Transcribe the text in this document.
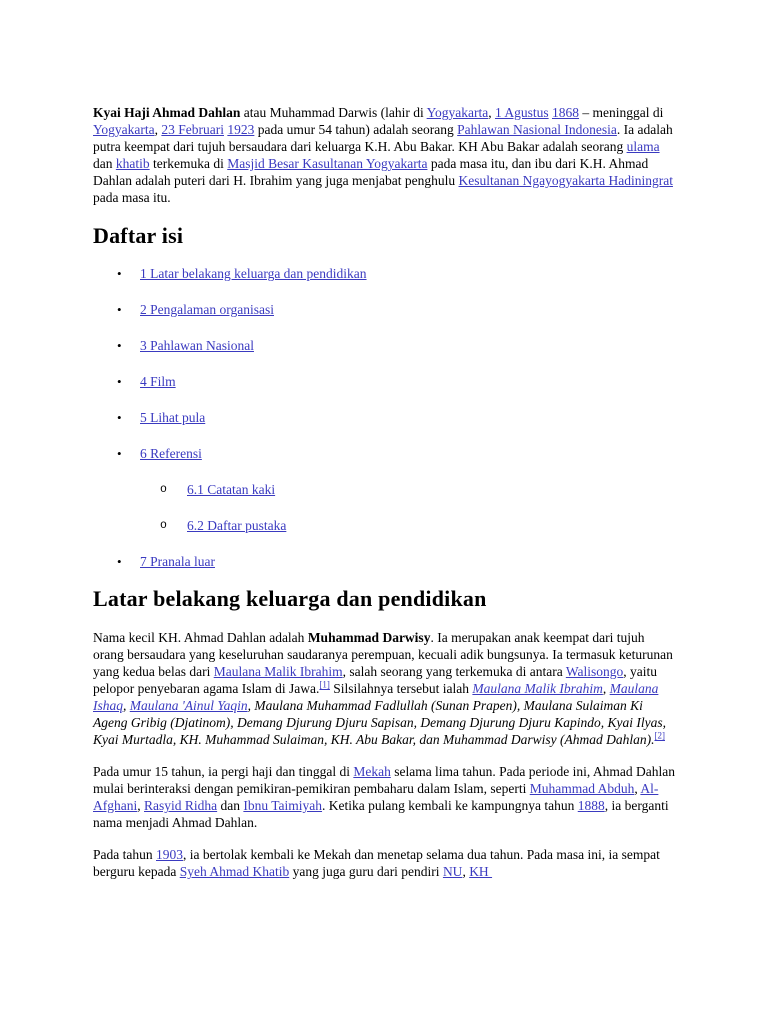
Kyai Haji Ahmad Dahlan atau Muhammad Darwis (lahir di Yogyakarta, 1 Agustus 1868 – meninggal di Yogyakarta, 23 Februari 1923 pada umur 54 tahun) adalah seorang Pahlawan Nasional Indonesia. Ia adalah putra keempat dari tujuh bersaudara dari keluarga K.H. Abu Bakar. KH Abu Bakar adalah seorang ulama dan khatib terkemuka di Masjid Besar Kasultanan Yogyakarta pada masa itu, dan ibu dari K.H. Ahmad Dahlan adalah puteri dari H. Ibrahim yang juga menjabat penghulu Kesultanan Ngayogyakarta Hadiningrat pada masa itu.

Daftar isi
• 1 Latar belakang keluarga dan pendidikan
• 2 Pengalaman organisasi
• 3 Pahlawan Nasional
• 4 Film
• 5 Lihat pula
• 6 Referensi
o 6.1 Catatan kaki
o 6.2 Daftar pustaka
• 7 Pranala luar
Latar belakang keluarga dan pendidikan

Nama kecil KH. Ahmad Dahlan adalah Muhammad Darwisy. Ia merupakan anak keempat dari tujuh orang bersaudara yang keseluruhan saudaranya perempuan, kecuali adik bungsunya. Ia termasuk keturunan yang kedua belas dari Maulana Malik Ibrahim, salah seorang yang terkemuka di antara Walisongo, yaitu pelopor penyebaran agama Islam di Jawa.[1] Silsilahnya tersebut ialah Maulana Malik Ibrahim, Maulana Ishaq, Maulana 'Ainul Yaqin, Maulana Muhammad Fadlullah (Sunan Prapen), Maulana Sulaiman Ki Ageng Gribig (Djatinom), Demang Djurung Djuru Sapisan, Demang Djurung Djuru Kapindo, Kyai Ilyas, Kyai Murtadla, KH. Muhammad Sulaiman, KH. Abu Bakar, dan Muhammad Darwisy (Ahmad Dahlan).[2]

Pada umur 15 tahun, ia pergi haji dan tinggal di Mekah selama lima tahun. Pada periode ini, Ahmad Dahlan mulai berinteraksi dengan pemikiran-pemikiran pembaharu dalam Islam, seperti Muhammad Abduh, Al-Afghani, Rasyid Ridha dan Ibnu Taimiyah. Ketika pulang kembali ke kampungnya tahun 1888, ia berganti nama menjadi Ahmad Dahlan.

Pada tahun 1903, ia bertolak kembali ke Mekah dan menetap selama dua tahun. Pada masa ini, ia sempat berguru kepada Syeh Ahmad Khatib yang juga guru dari pendiri NU, KH
